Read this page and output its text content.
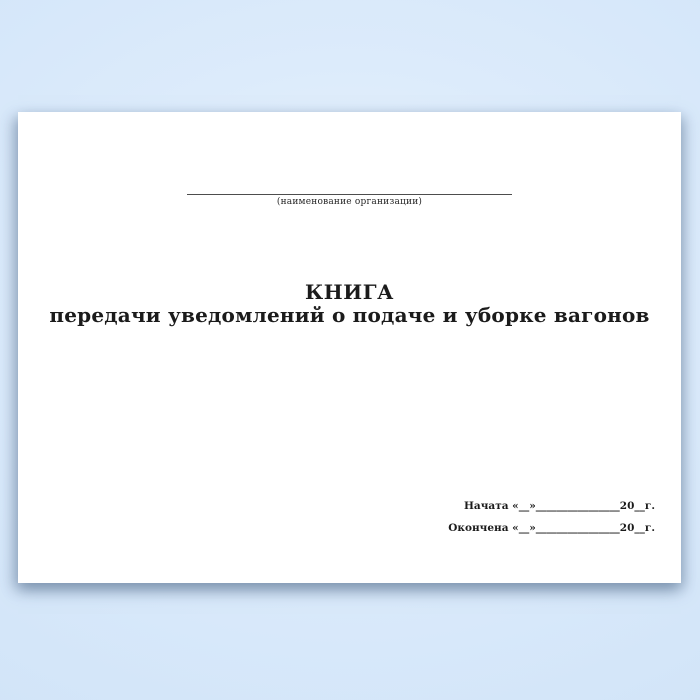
(наименование организации)
КНИГА
передачи уведомлений о подаче и уборке вагонов
Начата «__»________________20__г.
Окончена «__»________________20__г.
